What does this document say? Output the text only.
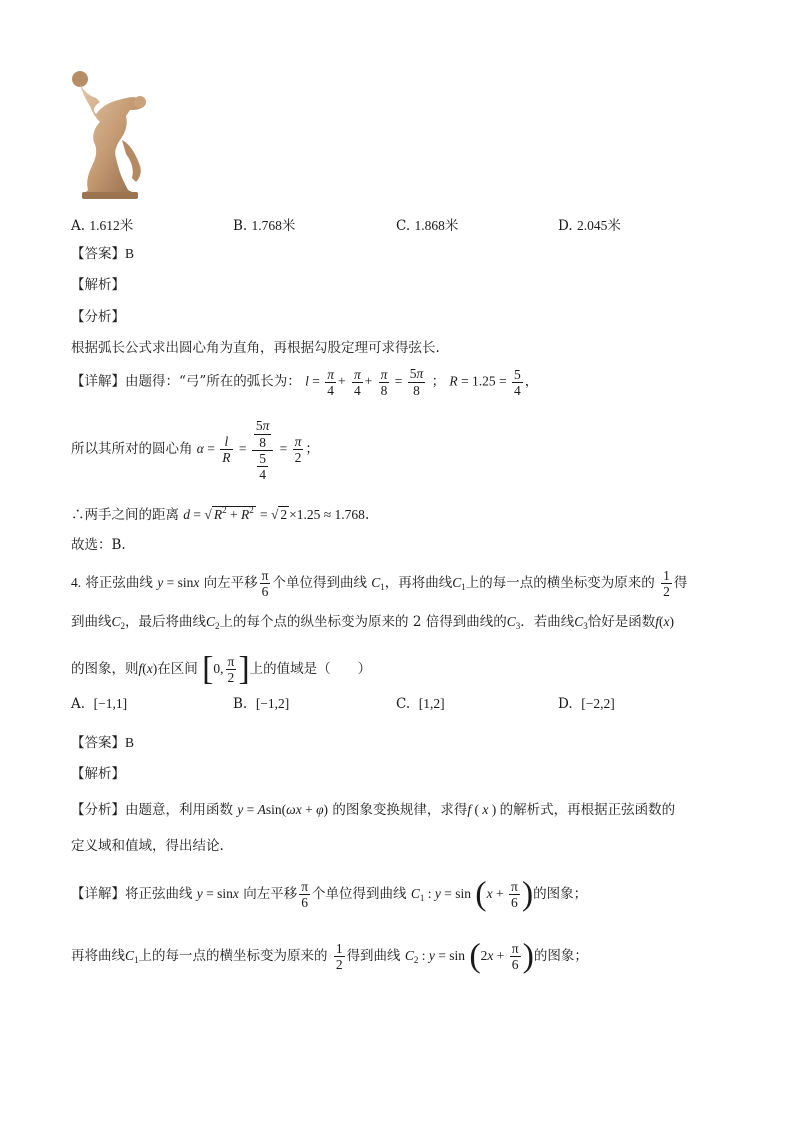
A. 1.612米	B. 1.768米	C. 1.868米	D. 2.045米
【答案】B
【解析】
【分析】
根据弧长公式求出圆心角为直角，再根据勾股定理可求得弦长.
【详解】由题得：“弓”所在的弧长为： $l = \frac{\pi}{4} + \frac{\pi}{4} + \frac{\pi}{8} = \frac{5\pi}{8}$ ； $R = 1.25 = \frac{5}{4}$ ，
所以其所对的圆心角 $\alpha = \frac{l}{R} = \frac{\frac{5\pi}{8}}{\frac{5}{4}} = \frac{\pi}{2}$ ；
∴两手之间的距离 d = √ $R^2 + R^2$ = √ 2 ×1.25 ≈ 1.768.
故选：B.
4. 将正弦曲线 y = sinx 向左平移 $\frac{\pi}{6}$ 个单位得到曲线 $C_1$，再将曲线$C_1$上的每一点的横坐标变为原来的 $\frac{1}{2}$ 得
到曲线$C_2$，最后将曲线$C_2$上的每个点的纵坐标变为原来的 2 倍得到曲线的$C_3$．若曲线$C_3$恰好是函数f(x)
的图象，则f(x)在区间 [0, $\frac{\pi}{2}$ ]上的值域是（　　）
A. [−1,1]	B. [−1,2]	C. [1,2]	D. [−2,2]
【答案】B
【解析】
【分析】由题意，利用函数 y = Asin(ωx + φ) 的图象变换规律，求得f ( x ) 的解析式，再根据正弦函数的
定义域和值域，得出结论.
【详解】将正弦曲线 y = sinx 向左平移 $\frac{\pi}{6}$ 个单位得到曲线 $C_1$ : $y = \sin (x + \frac{\pi}{6}$ )的图象；
再将曲线$C_1$上的每一点的横坐标变为原来的 $\frac{1}{2}$ 得到曲线 $C_2$ : $y = \sin (2x + \frac{\pi}{6}$ )的图象；
